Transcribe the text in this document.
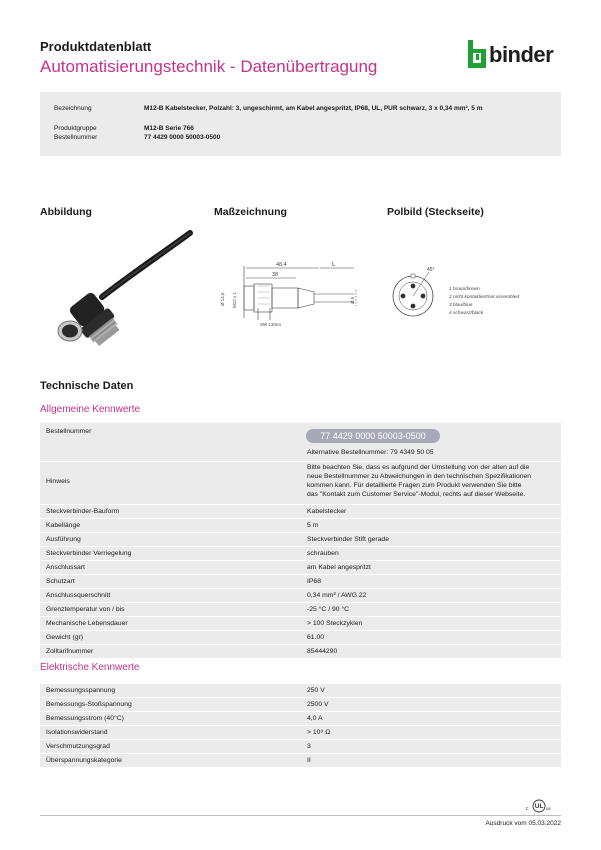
Produktdatenblatt
Automatisierungstechnik - Datenübertragung	binder
Bezeichnung	M12-B Kabelstecker, Polzahl: 3, ungeschirmt, am Kabel angespritzt, IP68, UL, PUR schwarz, 3 x 0,34 mm², 5 m
Produktgruppe	M12-B Serie 766
Bestellnummer	77 4429 0000 50003-0500
Abbildung	Maßzeichnung	Polbild (Steckseite)
48,4
38
L
Ø 14,5 M12 x 1	Ø 5
SW 13mm
45°
1 braun/brown
2 nicht kontaktiert/not assembled
3 blau/blue
4 schwarz/black
Technische Daten
Allgemeine Kennwerte
Bestellnummer	77 4429 0000 50003-0500
Alternative Bestellnummer: 79 4349 50 05
Hinweis
Bitte beachten Sie, dass es aufgrund der Umstellung von der alten auf die
neue Bestellnummer zu Abweichungen in den technischen Spezifikationen
kommen kann. Für detaillierte Fragen zum Produkt verwenden Sie bitte
das "Kontakt zum Customer Service"-Modul, rechts auf dieser Webseite.
Steckverbinder-Bauform	Kabelstecker
Kabellänge	5 m
Ausführung	Steckverbinder Stift gerade
Steckverbinder Verriegelung	schrauben
Anschlussart	am Kabel angespritzt
Schutzart	IP68
Anschlussquerschnitt	0,34 mm² / AWG 22
Grenztemperatur von / bis	-25 °C / 90 °C
Mechanische Lebensdauer	> 100 Steckzyklen
Gewicht (gr)	61.00
Zolltarifnummer	85444290
Elektrische Kennwerte
Bemessungsspannung	250 V
Bemessungs-Stoßspannung	2500 V
Bemessungsstrom (40°C)	4,0 A
Isolationswiderstand	> 10⁹ Ω
Verschmutzungsgrad	3
Überspannungskategorie	II
c UL us
Ausdruck vom 05.03.2022
